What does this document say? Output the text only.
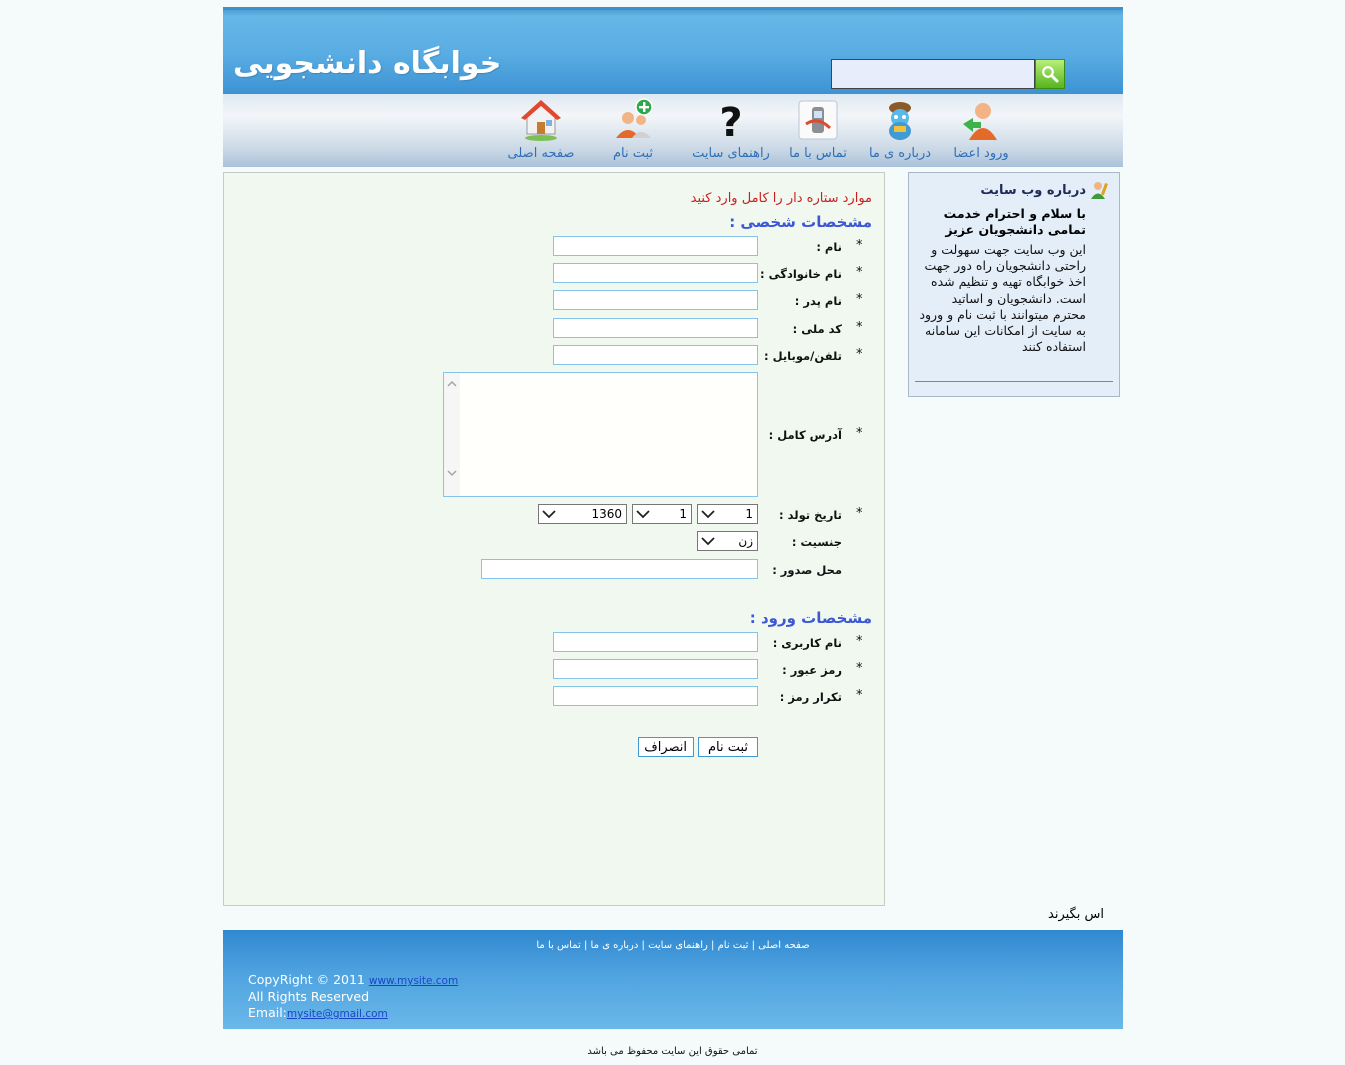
خوابگاه دانشجویی
صفحه اصلی	ثبت نام
?
راهنمای سایت	تماس با ما	درباره ی ما	ورود اعضا
موارد ستاره دار را کامل وارد کنید
مشخصات شخصی :
*
نام :
*
نام خانوادگی :
*
نام پدر :
*
کد ملی :
*
تلفن/موبایل :
*
آدرس کامل :
*
تاریخ تولد :
1
1
1360
جنسیت :
زن
محل صدور :
مشخصات ورود :
*
نام کاربری :
*
رمز عبور :
*
تکرار رمز :
ثبت نام
انصراف
درباره وب سایت
با سلام و احترام خدمت تمامی دانشجویان عزیز
این وب سایت جهت سهولت و راحتی دانشجویان راه دور جهت اخذ خوابگاه تهیه و تنظیم شده است. دانشجویان و اساتید محترم میتوانند با ثبت نام و ورود به سایت از امکانات این سامانه استفاده کنند
اس بگیرند
صفحه اصلی | ثبت نام | راهنمای سایت | درباره ی ما | تماس با ما
CopyRight © 2011 www.mysite.com
All Rights Reserved
Email:mysite@gmail.com
تمامی حقوق این سایت محفوظ می باشد
